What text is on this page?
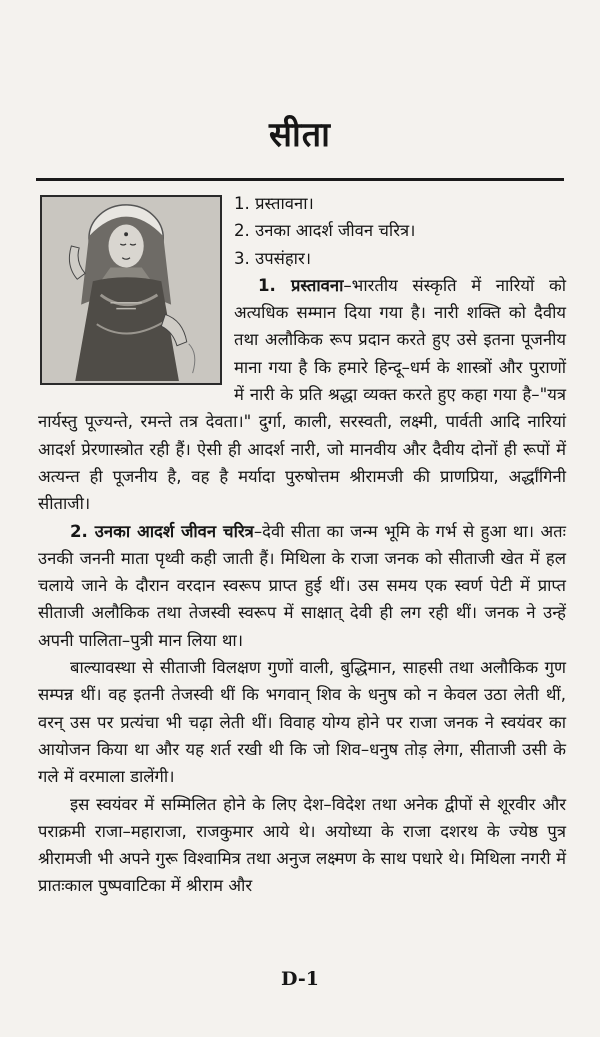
सीता
1. प्रस्तावना।
2. उनका आदर्श जीवन चरित्र।
3. उपसंहार।

1. प्रस्तावना–भारतीय संस्कृति में नारियों को अत्यधिक सम्मान दिया गया है। नारी शक्ति को दैवीय तथा अलौकिक रूप प्रदान करते हुए उसे इतना पूजनीय माना गया है कि हमारे हिन्दू–धर्म के शास्त्रों और पुराणों में नारी के प्रति श्रद्धा व्यक्त करते हुए कहा गया है–"यत्र नार्यस्तु पूज्यन्ते, रमन्ते तत्र देवता।" दुर्गा, काली, सरस्वती, लक्ष्मी, पार्वती आदि नारियां आदर्श प्रेरणास्त्रोत रही हैं। ऐसी ही आदर्श नारी, जो मानवीय और दैवीय दोनों ही रूपों में अत्यन्त ही पूजनीय है, वह है मर्यादा पुरुषोत्तम श्रीरामजी की प्राणप्रिया, अर्द्धांगिनी सीताजी।

2. उनका आदर्श जीवन चरित्र–देवी सीता का जन्म भूमि के गर्भ से हुआ था। अतः उनकी जननी माता पृथ्वी कही जाती हैं। मिथिला के राजा जनक को सीताजी खेत में हल चलाये जाने के दौरान वरदान स्वरूप प्राप्त हुई थीं। उस समय एक स्वर्ण पेटी में प्राप्त सीताजी अलौकिक तथा तेजस्वी स्वरूप में साक्षात् देवी ही लग रही थीं। जनक ने उन्हें अपनी पालिता–पुत्री मान लिया था।

बाल्यावस्था से सीताजी विलक्षण गुणों वाली, बुद्धिमान, साहसी तथा अलौकिक गुण सम्पन्न थीं। वह इतनी तेजस्वी थीं कि भगवान् शिव के धनुष को न केवल उठा लेती थीं, वरन् उस पर प्रत्यंचा भी चढ़ा लेती थीं। विवाह योग्य होने पर राजा जनक ने स्वयंवर का आयोजन किया था और यह शर्त रखी थी कि जो शिव–धनुष तोड़ लेगा, सीताजी उसी के गले में वरमाला डालेंगी।

इस स्वयंवर में सम्मिलित होने के लिए देश–विदेश तथा अनेक द्वीपों से शूरवीर और पराक्रमी राजा–महाराजा, राजकुमार आये थे। अयोध्या के राजा दशरथ के ज्येष्ठ पुत्र श्रीरामजी भी अपने गुरू विश्वामित्र तथा अनुज लक्ष्मण के साथ पधारे थे। मिथिला नगरी में प्रातःकाल पुष्पवाटिका में श्रीराम और

D-1
